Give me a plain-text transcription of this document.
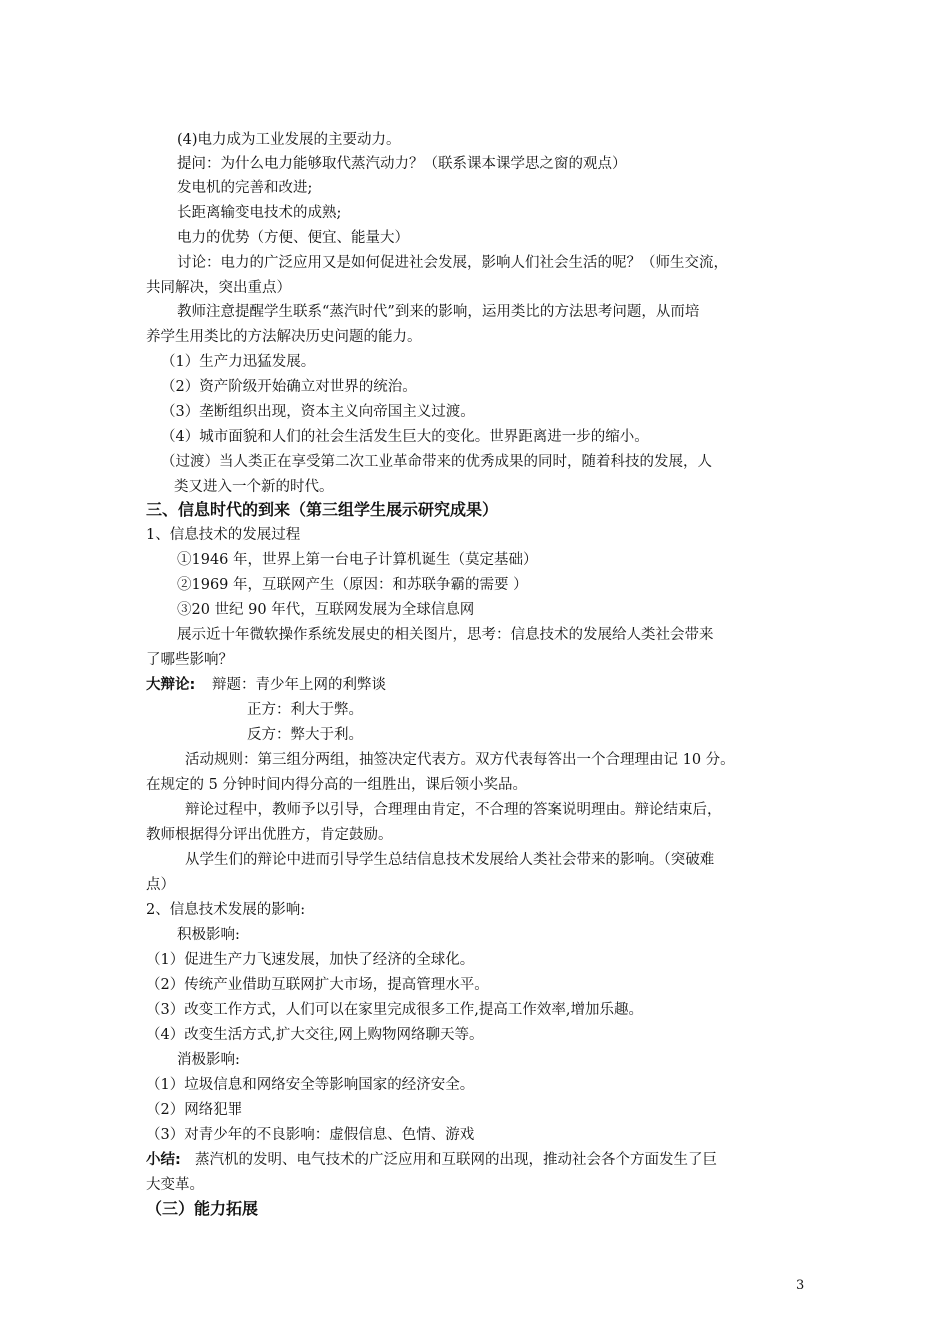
(4)电力成为工业发展的主要动力。
提问：为什么电力能够取代蒸汽动力？（联系课本课学思之窗的观点）
发电机的完善和改进;
长距离输变电技术的成熟;
电力的优势（方便、便宜、能量大）
讨论：电力的广泛应用又是如何促进社会发展，影响人们社会生活的呢？（师生交流，
共同解决，突出重点）
教师注意提醒学生联系“蒸汽时代”到来的影响，运用类比的方法思考问题，从而培
养学生用类比的方法解决历史问题的能力。
（1）生产力迅猛发展。
（2）资产阶级开始确立对世界的统治。
（3）垄断组织出现，资本主义向帝国主义过渡。
（4）城市面貌和人们的社会生活发生巨大的变化。世界距离进一步的缩小。
（过渡）当人类正在享受第二次工业革命带来的优秀成果的同时，随着科技的发展，人
类又进入一个新的时代。
三、信息时代的到来（第三组学生展示研究成果）
1、信息技术的发展过程
①1946 年，世界上第一台电子计算机诞生（莫定基础）
②1969 年，互联网产生（原因：和苏联争霸的需要 ）
③20 世纪 90 年代，互联网发展为全球信息网
展示近十年微软操作系统发展史的相关图片，思考：信息技术的发展给人类社会带来
了哪些影响？
大辩论: 辩题：青少年上网的利弊谈
正方：利大于弊。
反方：弊大于利。
活动规则：第三组分两组，抽签决定代表方。双方代表每答出一个合理理由记 10 分。
在规定的 5 分钟时间内得分高的一组胜出，课后领小奖品。
辩论过程中，教师予以引导，合理理由肯定，不合理的答案说明理由。辩论结束后，
教师根据得分评出优胜方，肯定鼓励。
从学生们的辩论中进而引导学生总结信息技术发展给人类社会带来的影响。（突破难
点）
2、信息技术发展的影响:
积极影响:
（1）促进生产力飞速发展，加快了经济的全球化。
（2）传统产业借助互联网扩大市场，提高管理水平。
（3）改变工作方式，人们可以在家里完成很多工作,提高工作效率,增加乐趣。
（4）改变生活方式,扩大交往,网上购物网络聊天等。
消极影响:
（1）垃圾信息和网络安全等影响国家的经济安全。
（2）网络犯罪
（3）对青少年的不良影响：虚假信息、色情、游戏
小结: 蒸汽机的发明、电气技术的广泛应用和互联网的出现，推动社会各个方面发生了巨
大变革。
（三）能力拓展
3
